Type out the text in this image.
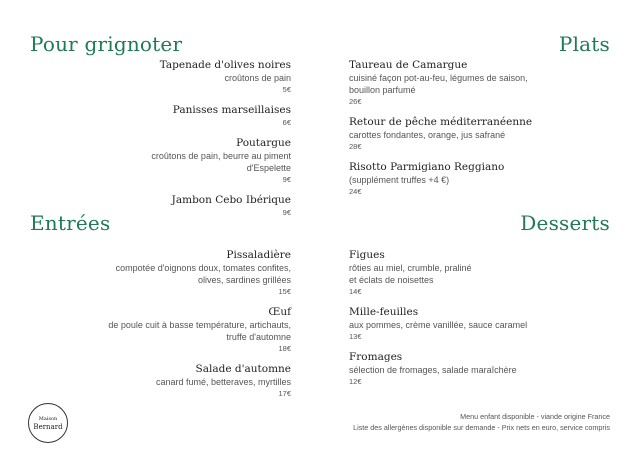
Pour grignoter	Plats
Entrées	Desserts
Tapenade d'olives noires
croûtons de pain
5€
Panisses marseillaises
6€
Poutargue
croûtons de pain, beurre au piment
d'Espelette
9€
Jambon Cebo Ibérique
9€
Taureau de Camargue
cuisiné façon pot-au-feu, légumes de saison,
bouillon parfumé
26€
Retour de pêche méditerranéenne
carottes fondantes, orange, jus safrané
28€
Risotto Parmigiano Reggiano
(supplément truffes +4 €)
24€
Pissaladière
compotée d'oignons doux, tomates confites,
olives, sardines grillées
15€
Œuf
de poule cuit à basse température, artichauts,
truffe d'automne
18€
Salade d'automne
canard fumé, betteraves, myrtilles
17€
Figues
rôties au miel, crumble, praliné
et éclats de noisettes
14€
Mille-feuilles
aux pommes, crème vanillée, sauce caramel
13€
Fromages
sélection de fromages, salade maraîchère
12€
Maison
Bernard
Menu enfant disponible - viande origine France
Liste des allergènes disponible sur demande - Prix nets en euro, service compris
